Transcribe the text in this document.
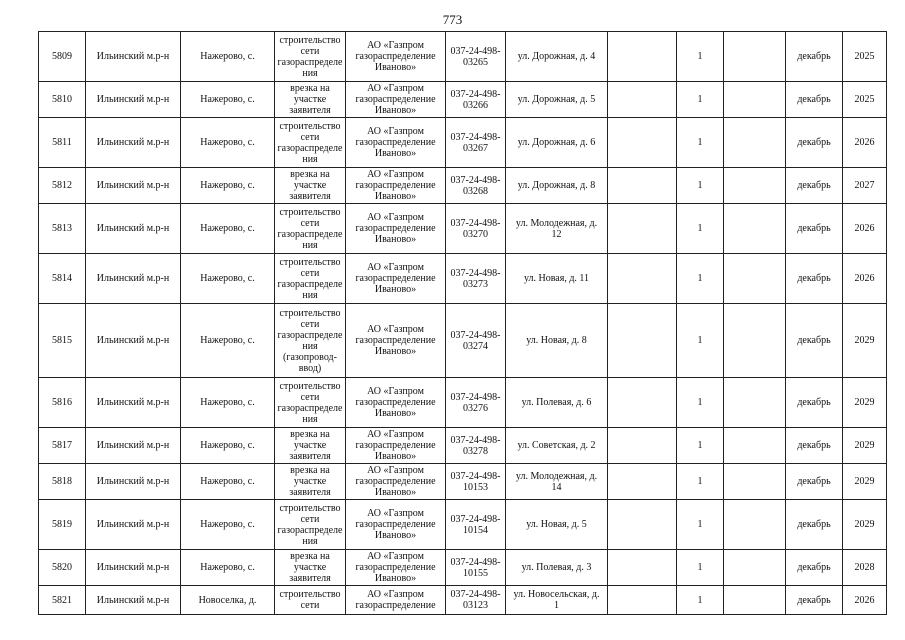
773
5809	Ильинский м.р-н	Нажерово, с.	строительство сети газораспределения	АО «Газпром газораспределение Иваново»	037-24-498-03265	ул. Дорожная, д. 4		1		декабрь	2025
5810	Ильинский м.р-н	Нажерово, с.	врезка на участке заявителя	АО «Газпром газораспределение Иваново»	037-24-498-03266	ул. Дорожная, д. 5		1		декабрь	2025
5811	Ильинский м.р-н	Нажерово, с.	строительство сети газораспределения	АО «Газпром газораспределение Иваново»	037-24-498-03267	ул. Дорожная, д. 6		1		декабрь	2026
5812	Ильинский м.р-н	Нажерово, с.	врезка на участке заявителя	АО «Газпром газораспределение Иваново»	037-24-498-03268	ул. Дорожная, д. 8		1		декабрь	2027
5813	Ильинский м.р-н	Нажерово, с.	строительство сети газораспределения	АО «Газпром газораспределение Иваново»	037-24-498-03270	ул. Молодежная, д. 12		1		декабрь	2026
5814	Ильинский м.р-н	Нажерово, с.	строительство сети газораспределения	АО «Газпром газораспределение Иваново»	037-24-498-03273	ул. Новая, д. 11		1		декабрь	2026
5815	Ильинский м.р-н	Нажерово, с.	строительство сети газораспределения (газопровод-ввод)	АО «Газпром газораспределение Иваново»	037-24-498-03274	ул. Новая, д. 8		1		декабрь	2029
5816	Ильинский м.р-н	Нажерово, с.	строительство сети газораспределения	АО «Газпром газораспределение Иваново»	037-24-498-03276	ул. Полевая, д. 6		1		декабрь	2029
5817	Ильинский м.р-н	Нажерово, с.	врезка на участке заявителя	АО «Газпром газораспределение Иваново»	037-24-498-03278	ул. Советская, д. 2		1		декабрь	2029
5818	Ильинский м.р-н	Нажерово, с.	врезка на участке заявителя	АО «Газпром газораспределение Иваново»	037-24-498-10153	ул. Молодежная, д. 14		1		декабрь	2029
5819	Ильинский м.р-н	Нажерово, с.	строительство сети газораспределения	АО «Газпром газораспределение Иваново»	037-24-498-10154	ул. Новая, д. 5		1		декабрь	2029
5820	Ильинский м.р-н	Нажерово, с.	врезка на участке заявителя	АО «Газпром газораспределение Иваново»	037-24-498-10155	ул. Полевая, д. 3		1		декабрь	2028
5821	Ильинский м.р-н	Новоселка, д.	строительство сети	АО «Газпром газораспределение	037-24-498-03123	ул. Новосельская, д. 1		1		декабрь	2026
